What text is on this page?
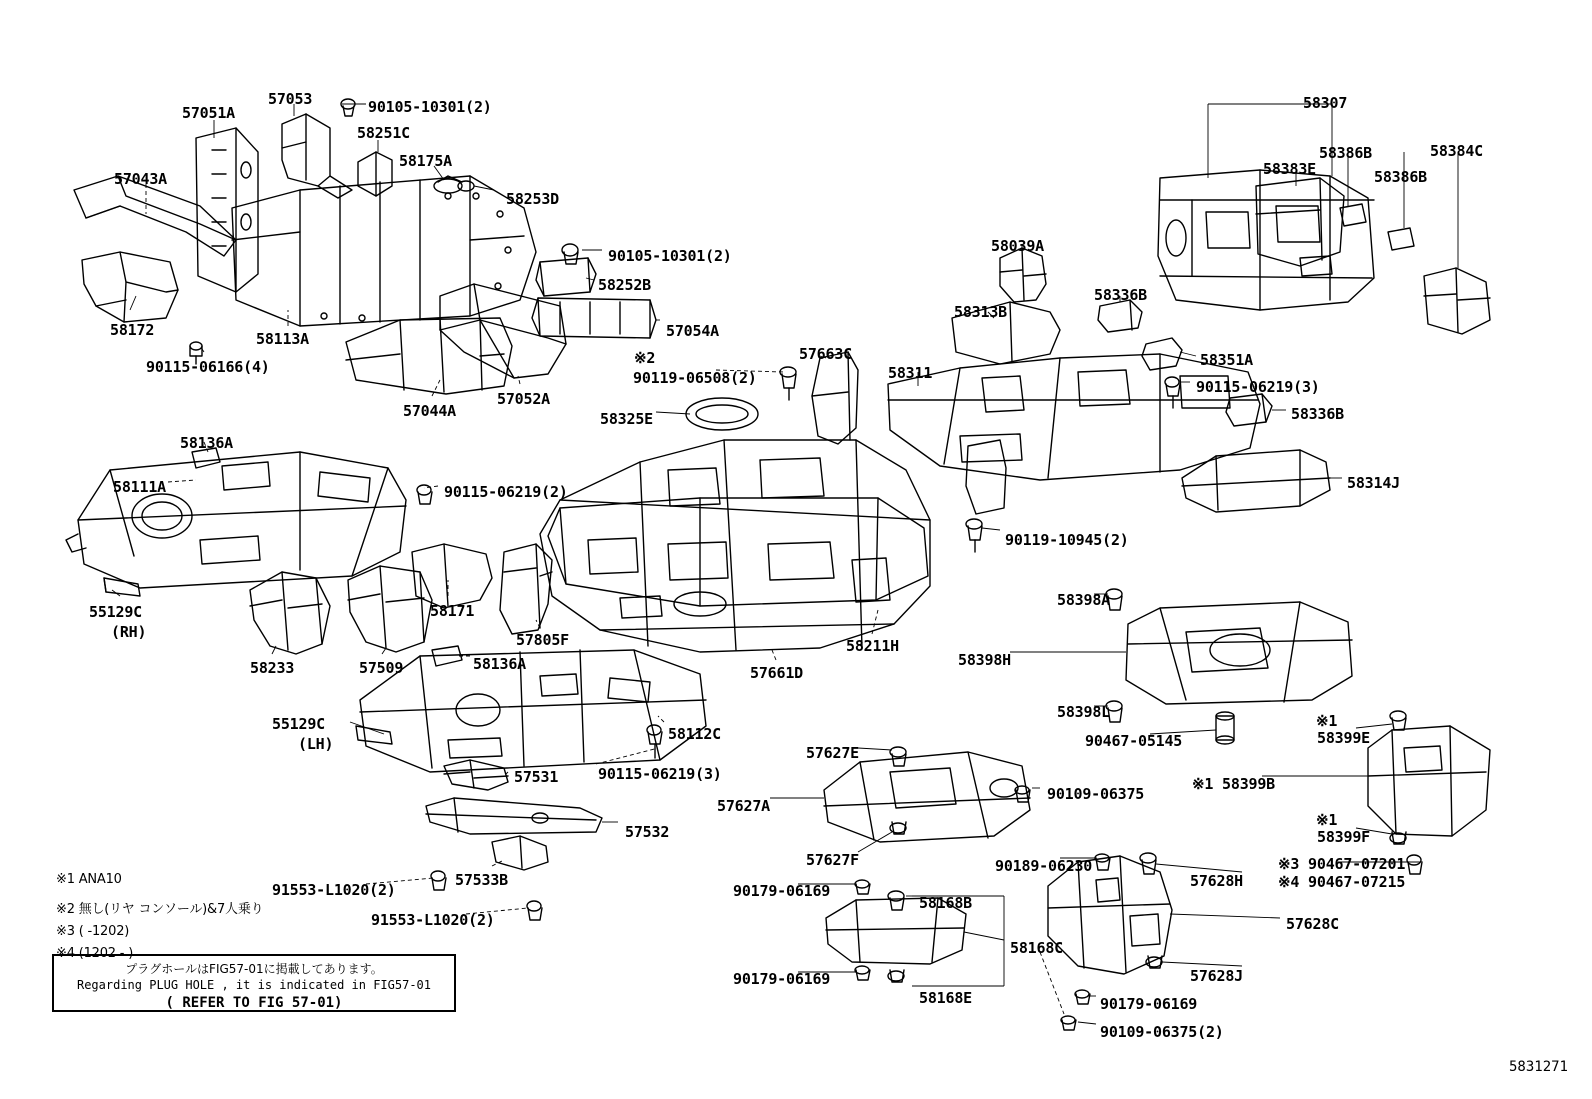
プラグホールはFIG57-01に掲載してあります。
Regarding PLUG HOLE , it is indicated in FIG57-01
( REFER TO FIG 57-01)
※1 ANA10
※2 無し(リヤ コンソール)&7人乗り
※3 ( -1202)
※4 (1202 - )
5831271
57051A
57053	90105-10301(2)
58251C
58175A
57043A
58253D
90105-10301(2)
58252B
58172	58113A	57054A
90115-06166(4)	※2
90119-06508(2)
57663C
57044A
57052A
58325E
58136A
58111A	90115-06219(2)
55129C
(RH)
58171
58233	57509	58136A
57805F
57661D
58211H
55129C
(LH)
58112C
90115-06219(3)
57531
57532
57533B
91553-L1020(2)
91553-L1020(2)
58307
58386B	58384C
58383E	58386B
58039A
58336B
58313B
58351A
58311
90115-06219(3)
58336B
58314J
90119-10945(2)
58398A
58398H
58398L
90467-05145
※1
58399E
※1 58399B
※1
58399F
57627E
57627A
90109-06375
57627F	90189-06230
57628H
※3 90467-07201
※4 90467-07215
90179-06169
58168B
57628C
58168C
57628J
90179-06169
58168E	90179-06169
90109-06375(2)
